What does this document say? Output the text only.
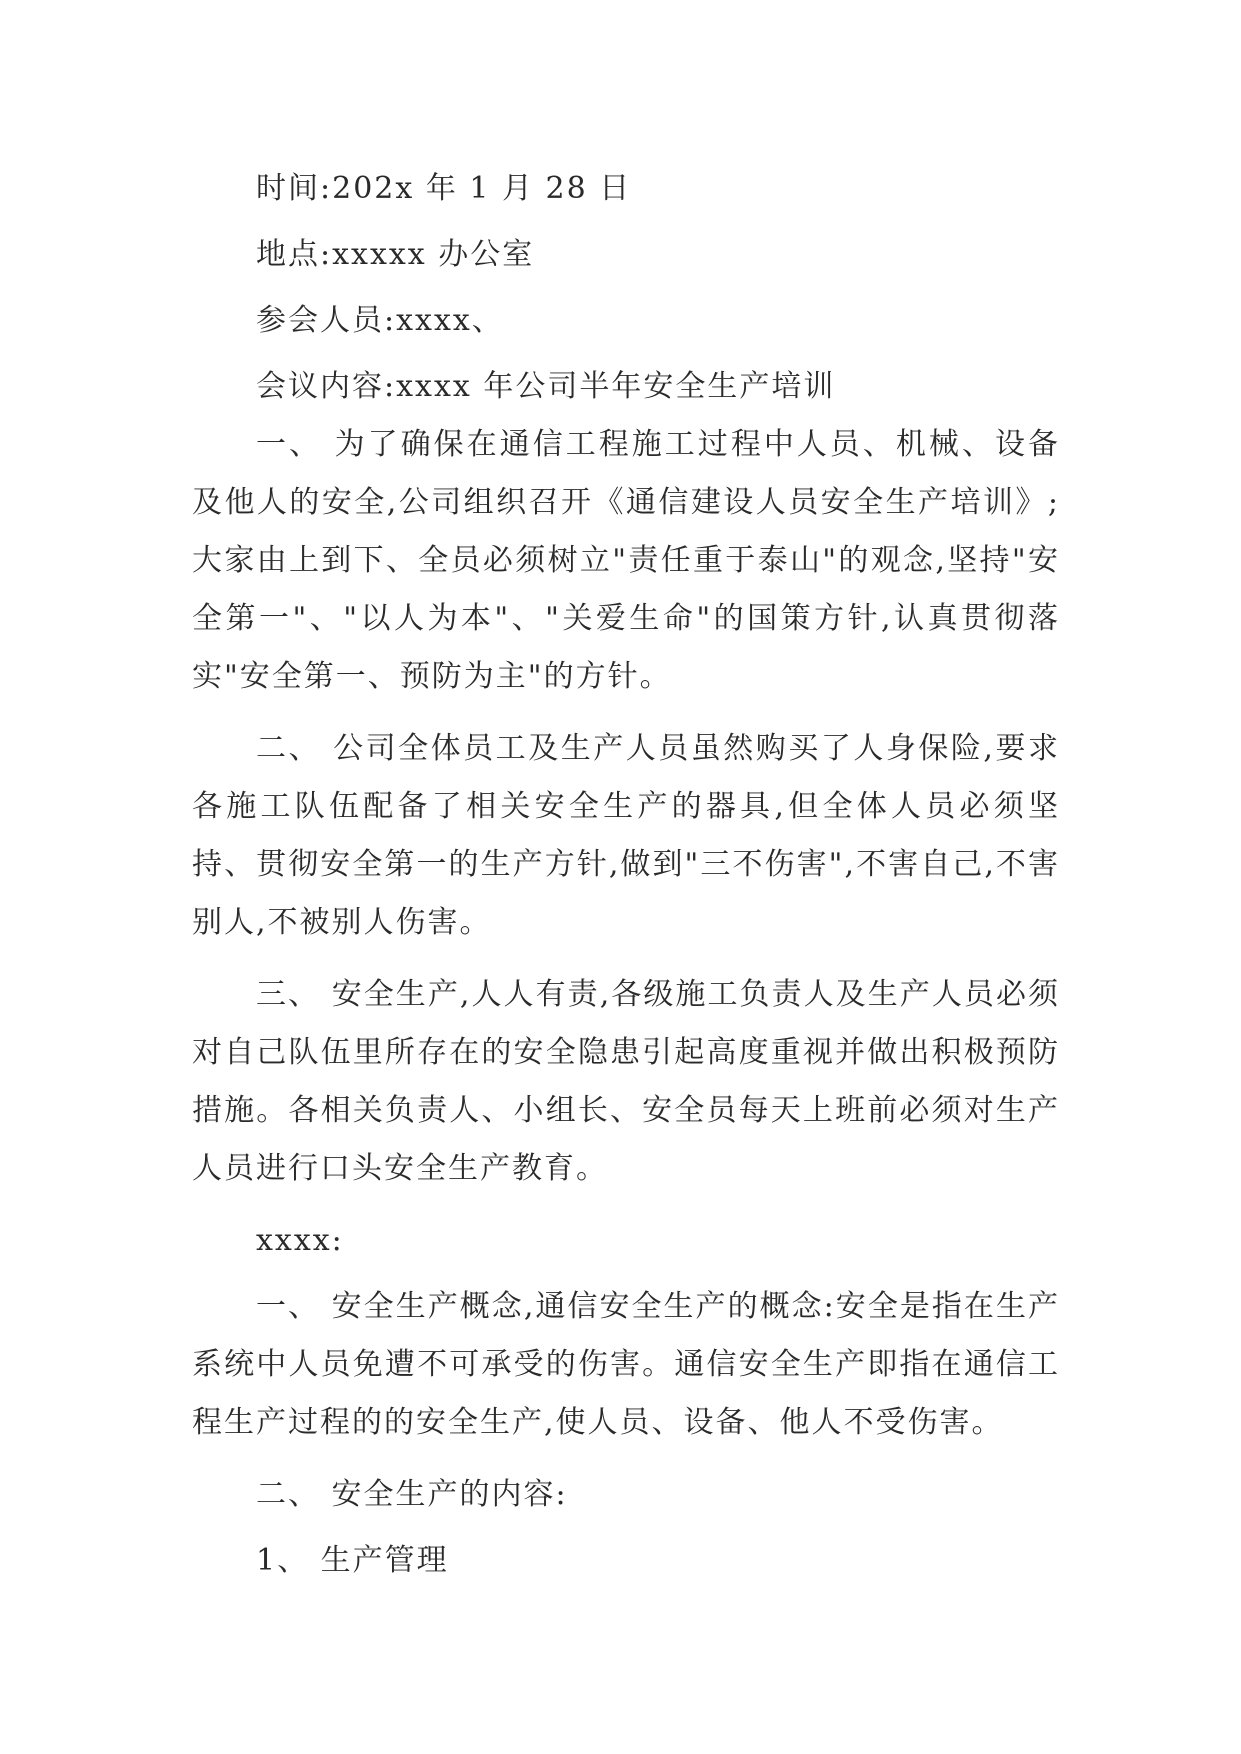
时间:202x 年 1 月 28 日
地点:xxxxx 办公室
参会人员:xxxx、
会议内容:xxxx 年公司半年安全生产培训

一、 为了确保在通信工程施工过程中人员、机械、设备及他人的安全,公司组织召开《通信建设人员安全生产培训》;大家由上到下、全员必须树立"责任重于泰山"的观念,坚持"安全第一"、"以人为本"、"关爱生命"的国策方针,认真贯彻落实"安全第一、预防为主"的方针。

二、 公司全体员工及生产人员虽然购买了人身保险,要求各施工队伍配备了相关安全生产的器具,但全体人员必须坚持、贯彻安全第一的生产方针,做到"三不伤害",不害自己,不害别人,不被别人伤害。

三、 安全生产,人人有责,各级施工负责人及生产人员必须对自己队伍里所存在的安全隐患引起高度重视并做出积极预防措施。各相关负责人、小组长、安全员每天上班前必须对生产人员进行口头安全生产教育。

xxxx:

一、 安全生产概念,通信安全生产的概念:安全是指在生产系统中人员免遭不可承受的伤害。通信安全生产即指在通信工程生产过程的的安全生产,使人员、设备、他人不受伤害。

二、 安全生产的内容:
1、 生产管理
